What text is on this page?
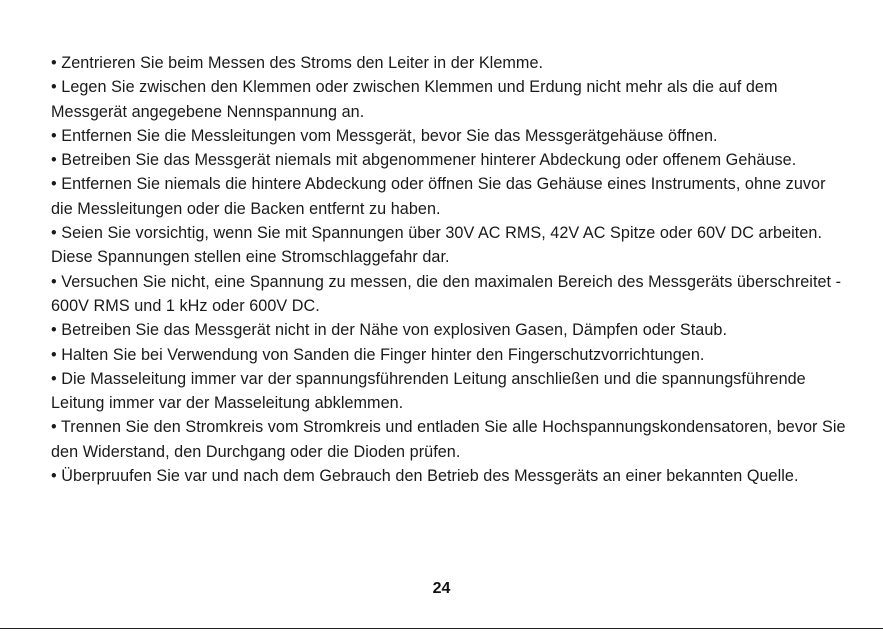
• Zentrieren Sie beim Messen des Stroms den Leiter in der Klemme.

• Legen Sie zwischen den Klemmen oder zwischen Klemmen und Erdung nicht mehr als die auf dem Messgerät angegebene Nennspannung an.

• Entfernen Sie die Messleitungen vom Messgerät, bevor Sie das Messgerätgehäuse öffnen.

• Betreiben Sie das Messgerät niemals mit abgenommener hinterer Abdeckung oder offenem Gehäuse.

• Entfernen Sie niemals die hintere Abdeckung oder öffnen Sie das Gehäuse eines Instruments, ohne zuvor die Messleitungen oder die Backen entfernt zu haben.

• Seien Sie vorsichtig, wenn Sie mit Spannungen über 30V AC RMS, 42V AC Spitze oder 60V DC arbeiten. Diese Spannungen stellen eine Stromschlaggefahr dar.

• Versuchen Sie nicht, eine Spannung zu messen, die den maximalen Bereich des Messgeräts überschreitet - 600V RMS und 1 kHz oder 600V DC.

• Betreiben Sie das Messgerät nicht in der Nähe von explosiven Gasen, Dämpfen oder Staub.

• Halten Sie bei Verwendung von Sanden die Finger hinter den Fingerschutzvorrichtungen.

• Die Masseleitung immer var der spannungsführenden Leitung anschließen und die spannungsführende Leitung immer var der Masseleitung abklemmen.

• Trennen Sie den Stromkreis vom Stromkreis und entladen Sie alle Hochspannungskondensatoren, bevor Sie den Widerstand, den Durchgang oder die Dioden prüfen.

• Überpruufen Sie var und nach dem Gebrauch den Betrieb des Messgeräts an einer bekannten Quelle.

24
